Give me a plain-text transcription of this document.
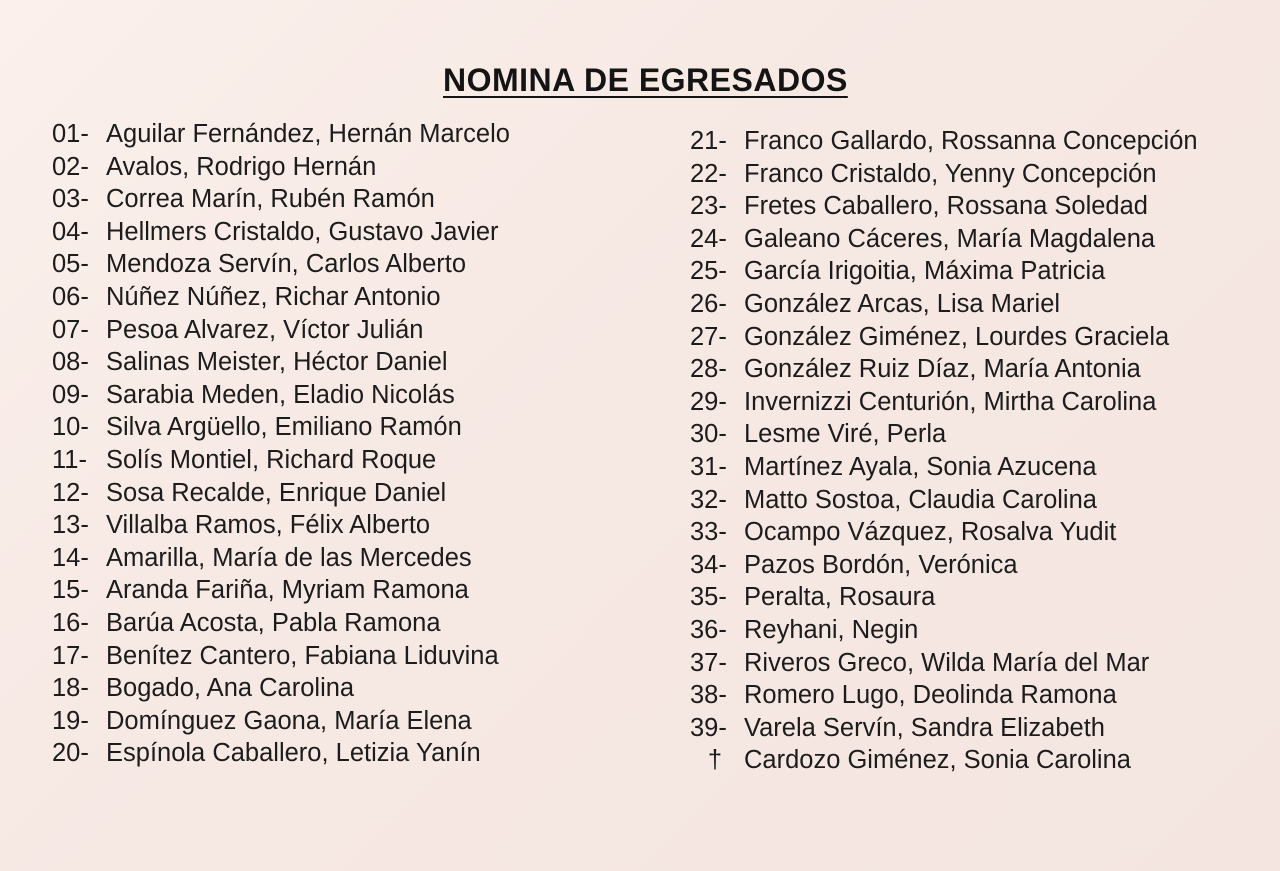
NOMINA DE EGRESADOS
01- Aguilar Fernández, Hernán Marcelo
02- Avalos, Rodrigo Hernán
03- Correa Marín, Rubén Ramón
04- Hellmers Cristaldo, Gustavo Javier
05- Mendoza Servín, Carlos Alberto
06- Núñez Núñez, Richar Antonio
07- Pesoa Alvarez, Víctor Julián
08- Salinas Meister, Héctor Daniel
09- Sarabia Meden, Eladio Nicolás
10- Silva Argüello, Emiliano Ramón
11- Solís Montiel, Richard Roque
12- Sosa Recalde, Enrique Daniel
13- Villalba Ramos, Félix Alberto
14- Amarilla, María de las Mercedes
15- Aranda Fariña, Myriam Ramona
16- Barúa Acosta, Pabla Ramona
17- Benítez Cantero, Fabiana Liduvina
18- Bogado, Ana Carolina
19- Domínguez Gaona, María Elena
20- Espínola Caballero, Letizia Yanín
21- Franco Gallardo, Rossanna Concepción
22- Franco Cristaldo, Yenny Concepción
23- Fretes Caballero, Rossana Soledad
24- Galeano Cáceres, María Magdalena
25- García Irigoitia, Máxima Patricia
26- González Arcas, Lisa Mariel
27- González Giménez, Lourdes Graciela
28- González Ruiz Díaz, María Antonia
29- Invernizzi Centurión, Mirtha Carolina
30- Lesme Viré, Perla
31- Martínez Ayala, Sonia Azucena
32- Matto Sostoa, Claudia Carolina
33- Ocampo Vázquez, Rosalva Yudit
34- Pazos Bordón, Verónica
35- Peralta, Rosaura
36- Reyhani, Negin
37- Riveros Greco, Wilda María del Mar
38- Romero Lugo, Deolinda Ramona
39- Varela Servín, Sandra Elizabeth
† Cardozo Giménez, Sonia Carolina
